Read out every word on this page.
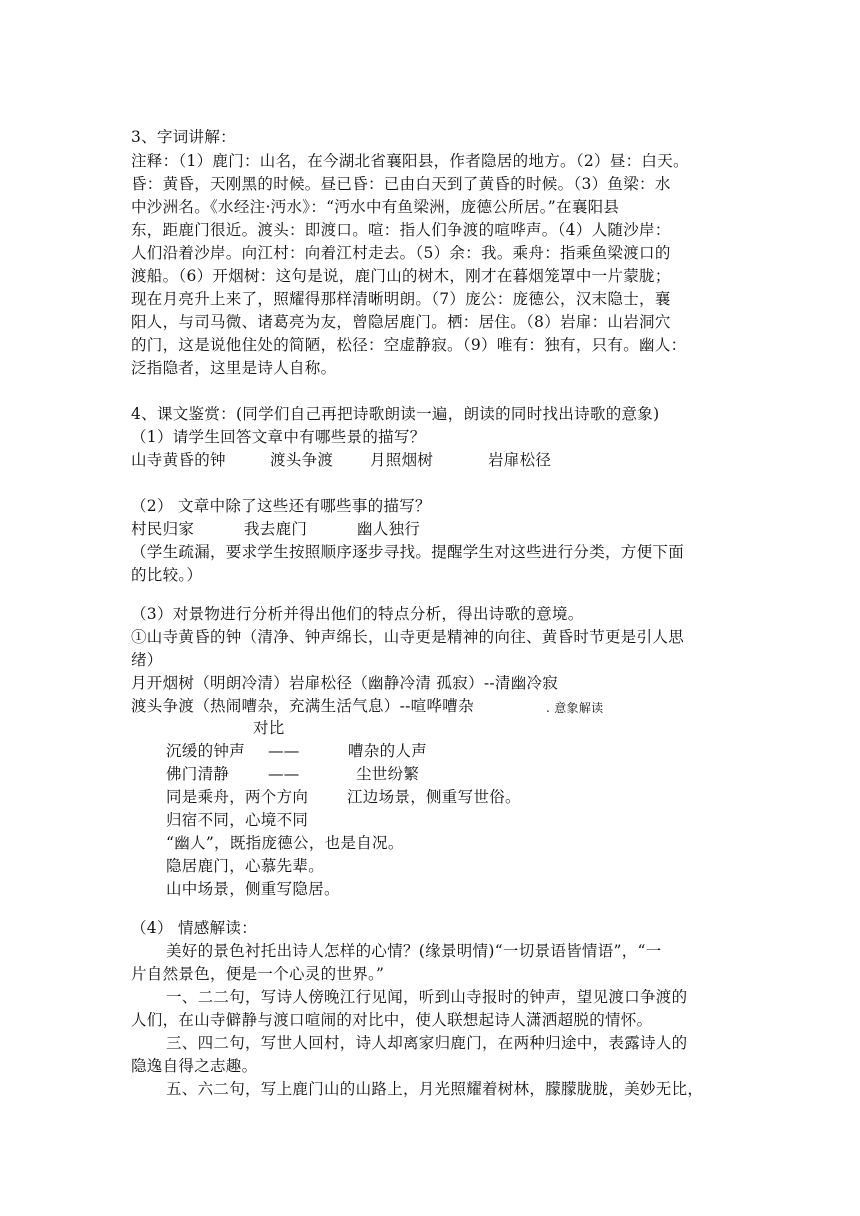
3、字词讲解：
注释：（1）鹿门：山名，在今湖北省襄阳县，作者隐居的地方。（2）昼：白天。
昏：黄昏，天刚黑的时候。昼已昏：已由白天到了黄昏的时候。（3）鱼梁：水
中沙洲名。《水经注·沔水》：“沔水中有鱼梁洲，庞德公所居。”在襄阳县
东，距鹿门很近。渡头：即渡口。喧：指人们争渡的喧哗声。（4）人随沙岸：
人们沿着沙岸。向江村：向着江村走去。（5）余：我。乘舟：指乘鱼梁渡口的
渡船。（6）开烟树：这句是说，鹿门山的树木，刚才在暮烟笼罩中一片蒙胧；
现在月亮升上来了，照耀得那样清晰明朗。（7）庞公：庞德公，汉末隐士，襄
阳人，与司马微、诸葛亮为友，曾隐居鹿门。栖：居住。（8）岩扉：山岩洞穴
的门，这是说他住处的简陋，松径：空虚静寂。（9）唯有：独有，只有。幽人：
泛指隐者，这里是诗人自称。
4、课文鉴赏：(同学们自己再把诗歌朗读一遍，朗读的同时找出诗歌的意象)
（1）请学生回答文章中有哪些景的描写？
山寺黄昏的钟	渡头争渡 月照烟树	岩扉松径
（2） 文章中除了这些还有哪些事的描写？
村民归家	我去鹿门	幽人独行
（学生疏漏，要求学生按照顺序逐步寻找。提醒学生对这些进行分类，方便下面
的比较。）
（3）对景物进行分析并得出他们的特点分析，得出诗歌的意境。
①山寺黄昏的钟（清净、钟声绵长，山寺更是精神的向往、黄昏时节更是引人思
绪）
月开烟树（明朗冷清）岩扉松径（幽静冷清 孤寂）--清幽冷寂
渡头争渡（热闹嘈杂，充满生活气息）--喧哗嘈杂	. 意象解读
对比
沉缓的钟声 ——	嘈杂的人声
佛门清静	——	尘世纷繁
同是乘舟，两个方向	江边场景，侧重写世俗。
归宿不同，心境不同
“幽人”，既指庞德公，也是自况。
隐居鹿门，心慕先辈。
山中场景，侧重写隐居。
（4） 情感解读：
美好的景色衬托出诗人怎样的心情？(缘景明情)“一切景语皆情语”，“一
片自然景色，便是一个心灵的世界。”
一、二二句，写诗人傍晚江行见闻，听到山寺报时的钟声，望见渡口争渡的
人们，在山寺僻静与渡口喧闹的对比中，使人联想起诗人潇洒超脱的情怀。
三、四二句，写世人回村，诗人却离家归鹿门，在两种归途中，表露诗人的
隐逸自得之志趣。
五、六二句，写上鹿门山的山路上，月光照耀着树林，朦朦胧胧，美妙无比，
